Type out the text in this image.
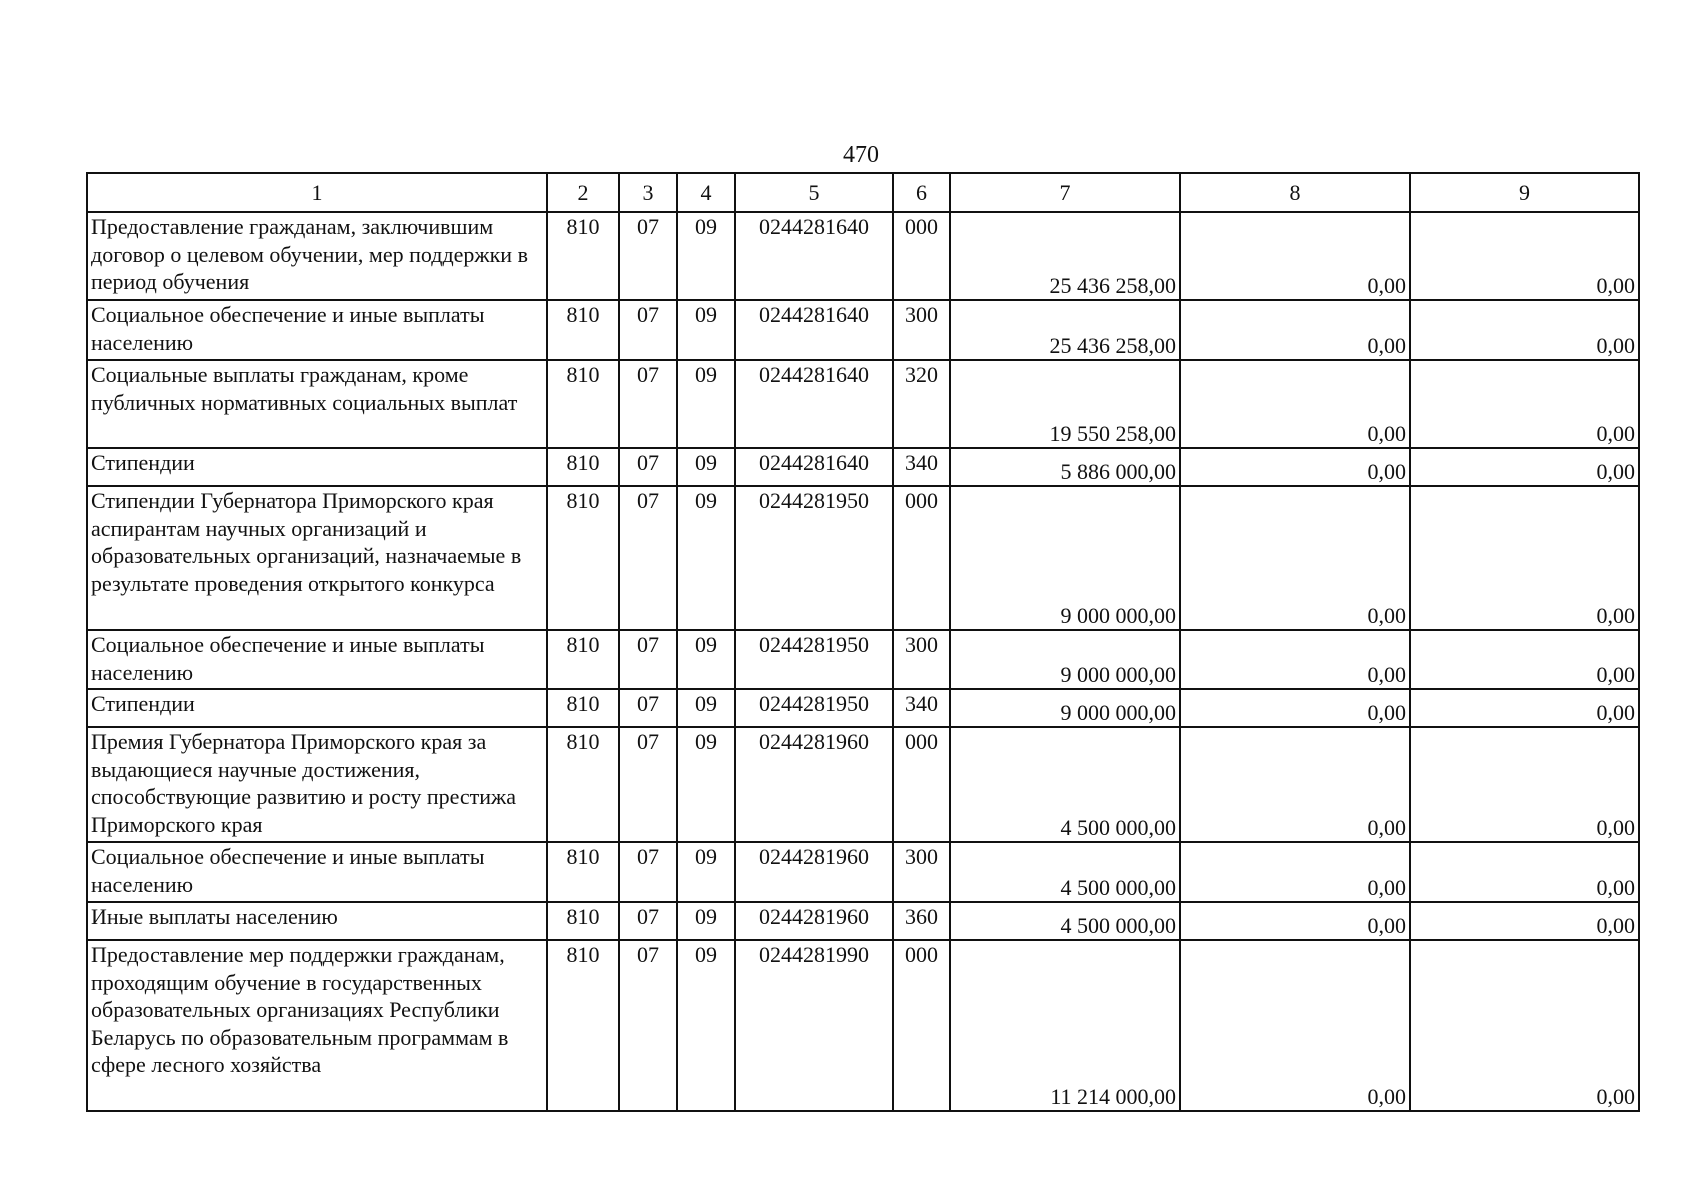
470
1	2	3	4	5	6	7	8	9
Предоставление гражданам, заключившим договор о целевом обучении, мер поддержки в период обучения	810	07	09	0244281640	000	25 436 258,00	0,00	0,00
Социальное обеспечение и иные выплаты населению	810	07	09	0244281640	300	25 436 258,00	0,00	0,00
Социальные выплаты гражданам, кроме публичных нормативных социальных выплат	810	07	09	0244281640	320	19 550 258,00	0,00	0,00
Стипендии	810	07	09	0244281640	340	5 886 000,00	0,00	0,00
Стипендии Губернатора Приморского края аспирантам научных организаций и образовательных организаций, назначаемые в результате проведения открытого конкурса	810	07	09	0244281950	000	9 000 000,00	0,00	0,00
Социальное обеспечение и иные выплаты населению	810	07	09	0244281950	300	9 000 000,00	0,00	0,00
Стипендии	810	07	09	0244281950	340	9 000 000,00	0,00	0,00
Премия Губернатора Приморского края за выдающиеся научные достижения, способствующие развитию и росту престижа Приморского края	810	07	09	0244281960	000	4 500 000,00	0,00	0,00
Социальное обеспечение и иные выплаты населению	810	07	09	0244281960	300	4 500 000,00	0,00	0,00
Иные выплаты населению	810	07	09	0244281960	360	4 500 000,00	0,00	0,00
Предоставление мер поддержки гражданам, проходящим обучение в государственных образовательных организациях Республики Беларусь по образовательным программам в сфере лесного хозяйства	810	07	09	0244281990	000	11 214 000,00	0,00	0,00
